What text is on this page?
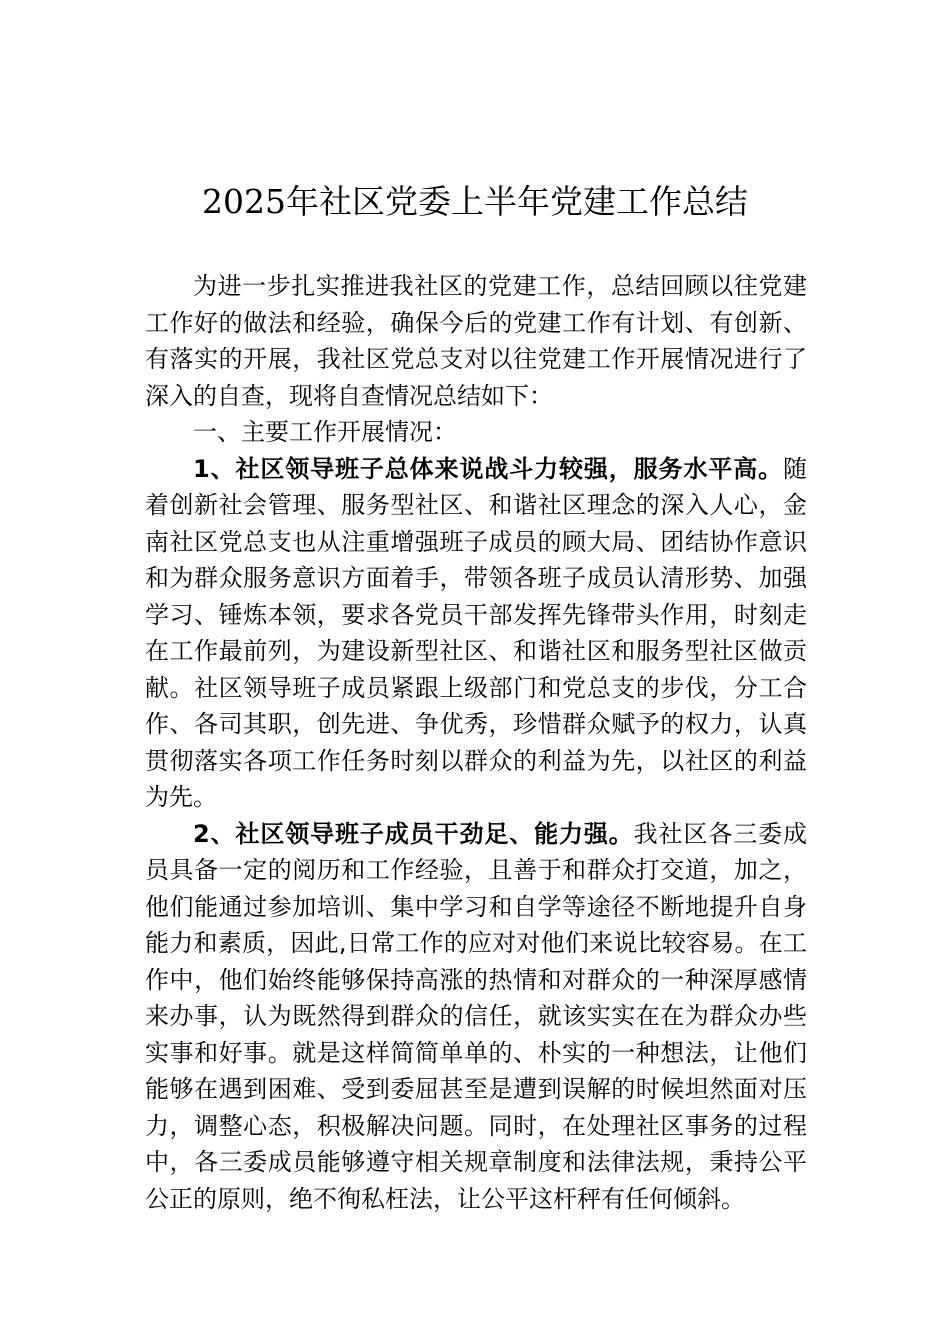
2025年社区党委上半年党建工作总结

为进一步扎实推进我社区的党建工作，总结回顾以往党建工作好的做法和经验，确保今后的党建工作有计划、有创新、有落实的开展，我社区党总支对以往党建工作开展情况进行了深入的自查，现将自查情况总结如下：

一、主要工作开展情况：

1、社区领导班子总体来说战斗力较强，服务水平高。随着创新社会管理、服务型社区、和谐社区理念的深入人心，金南社区党总支也从注重增强班子成员的顾大局、团结协作意识和为群众服务意识方面着手，带领各班子成员认清形势、加强学习、锤炼本领，要求各党员干部发挥先锋带头作用，时刻走在工作最前列，为建设新型社区、和谐社区和服务型社区做贡献。社区领导班子成员紧跟上级部门和党总支的步伐，分工合作、各司其职，创先进、争优秀，珍惜群众赋予的权力，认真贯彻落实各项工作任务时刻以群众的利益为先，以社区的利益为先。

2、社区领导班子成员干劲足、能力强。我社区各三委成员具备一定的阅历和工作经验，且善于和群众打交道，加之，他们能通过参加培训、集中学习和自学等途径不断地提升自身能力和素质，因此,日常工作的应对对他们来说比较容易。在工作中，他们始终能够保持高涨的热情和对群众的一种深厚感情来办事，认为既然得到群众的信任，就该实实在在为群众办些实事和好事。就是这样简简单单的、朴实的一种想法，让他们能够在遇到困难、受到委屈甚至是遭到误解的时候坦然面对压力，调整心态，积极解决问题。同时，在处理社区事务的过程中，各三委成员能够遵守相关规章制度和法律法规，秉持公平公正的原则，绝不徇私枉法，让公平这杆秤有任何倾斜。
